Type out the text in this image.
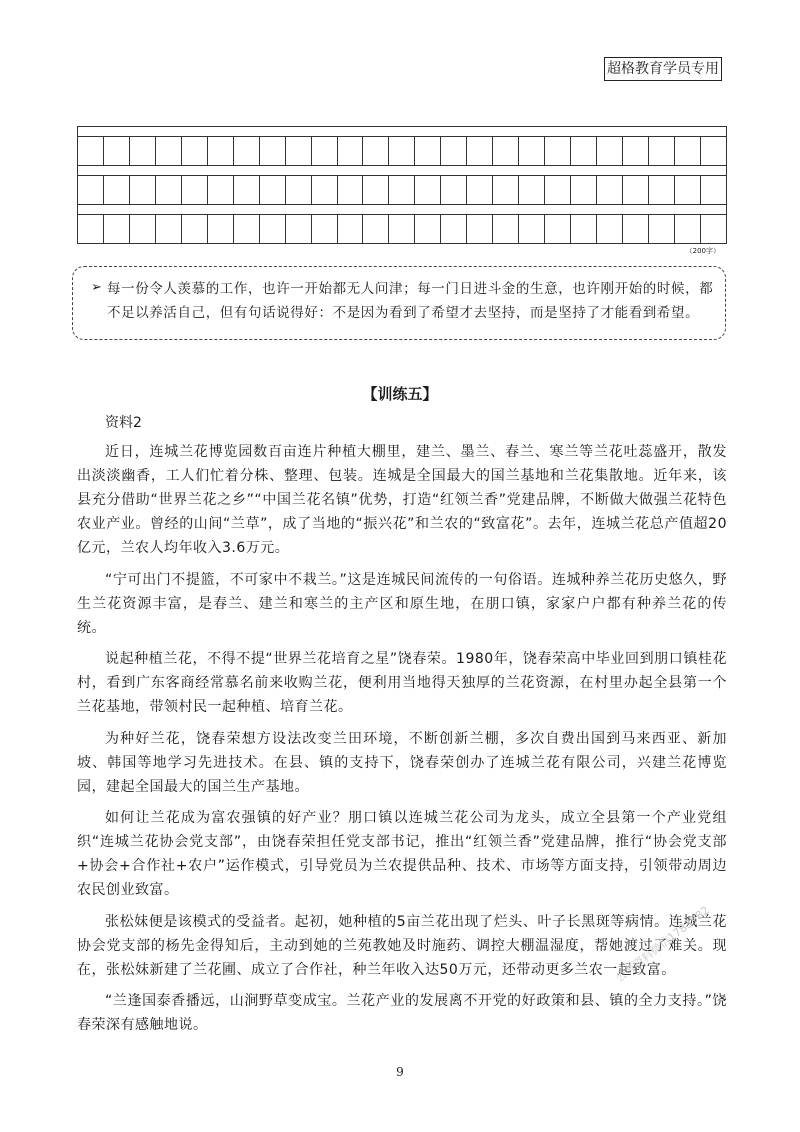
超格教育学员专用
（200字）
➢ 每一份令人羡慕的工作，也许一开始都无人问津；每一门日进斗金的生意，也许刚开始的时候，都不足以养活自己，但有句话说得好：不是因为看到了希望才去坚持，而是坚持了才能看到希望。
【训练五】
资料2

近日，连城兰花博览园数百亩连片种植大棚里，建兰、墨兰、春兰、寒兰等兰花吐蕊盛开，散发出淡淡幽香，工人们忙着分株、整理、包装。连城是全国最大的国兰基地和兰花集散地。近年来，该县充分借助“世界兰花之乡”“中国兰花名镇”优势，打造“红领兰香”党建品牌，不断做大做强兰花特色农业产业。曾经的山间“兰草”，成了当地的“振兴花”和兰农的“致富花”。去年，连城兰花总产值超20亿元，兰农人均年收入3.6万元。

“宁可出门不提篮，不可家中不栽兰。”这是连城民间流传的一句俗语。连城种养兰花历史悠久，野生兰花资源丰富，是春兰、建兰和寒兰的主产区和原生地，在朋口镇，家家户户都有种养兰花的传统。

说起种植兰花，不得不提“世界兰花培育之星”饶春荣。1980年，饶春荣高中毕业回到朋口镇桂花村，看到广东客商经常慕名前来收购兰花，便利用当地得天独厚的兰花资源，在村里办起全县第一个兰花基地，带领村民一起种植、培育兰花。

为种好兰花，饶春荣想方设法改变兰田环境，不断创新兰棚，多次自费出国到马来西亚、新加坡、韩国等地学习先进技术。在县、镇的支持下，饶春荣创办了连城兰花有限公司，兴建兰花博览园，建起全国最大的国兰生产基地。

如何让兰花成为富农强镇的好产业？朋口镇以连城兰花公司为龙头，成立全县第一个产业党组织“连城兰花协会党支部”，由饶春荣担任党支部书记，推出“红领兰香”党建品牌，推行“协会党支部+协会+合作社+农户”运作模式，引导党员为兰农提供品种、技术、市场等方面支持，引领带动周边农民创业致富。

张松妹便是该模式的受益者。起初，她种植的5亩兰花出现了烂头、叶子长黑斑等病情。连城兰花协会党支部的杨先金得知后，主动到她的兰苑教她及时施药、调控大棚温湿度，帮她渡过了难关。现在，张松妹新建了兰花圃、成立了合作社，种兰年收入达50万元，还带动更多兰农一起致富。

“兰逢国泰香播远，山涧野草变成宝。兰花产业的发展离不开党的好政策和县、镇的全力支持。”饶春荣深有感触地说。

9
公考资料微信1783982
